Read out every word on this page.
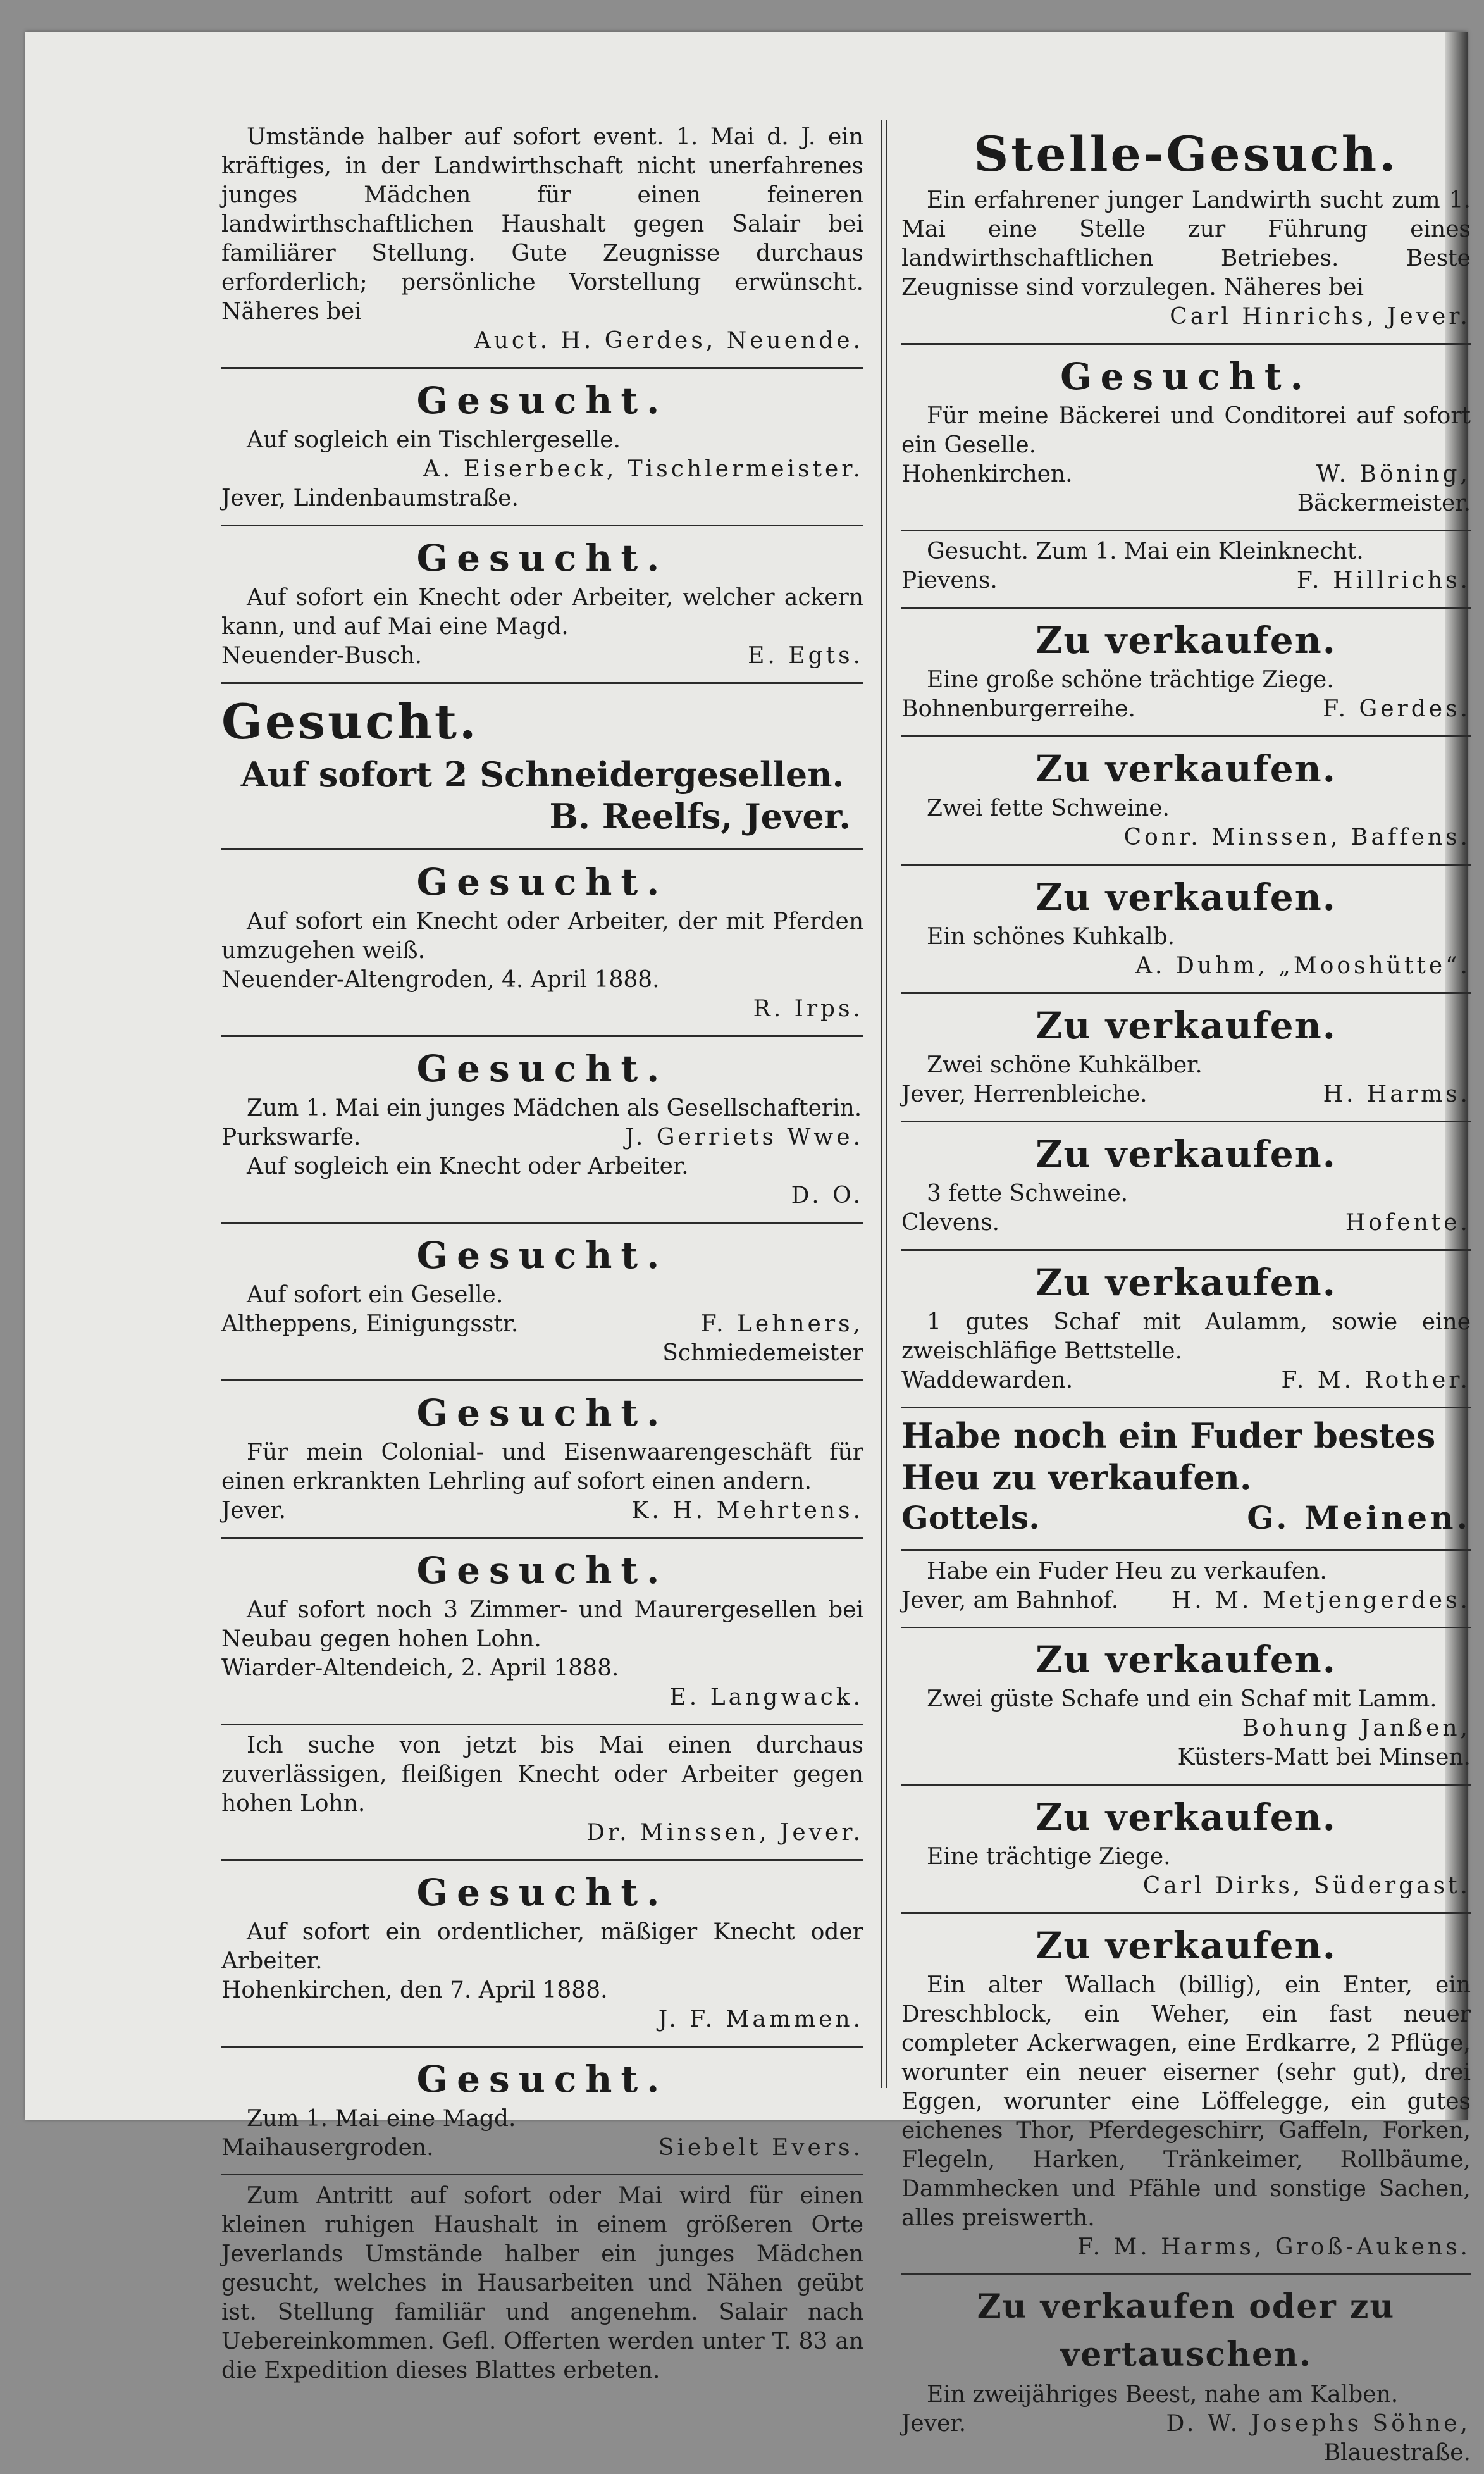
Umstände halber auf sofort event. 1. Mai d. J. ein kräftiges, in der Landwirthschaft nicht unerfahrenes junges Mädchen für einen feineren landwirthschaftlichen Haushalt gegen Salair bei familiärer Stellung. Gute Zeugnisse durchaus erforderlich; persönliche Vorstellung erwünscht. Näheres bei

Auct. H. Gerdes, Neuende.
Gesucht.

Auf sogleich ein Tischlergeselle.

A. Eiserbeck, Tischlermeister.
Jever, Lindenbaumstraße.
Gesucht.

Auf sofort ein Knecht oder Arbeiter, welcher ackern kann, und auf Mai eine Magd.

Neuender-Busch.	E. Egts.
Gesucht.
Auf sofort 2 Schneidergesellen.
B. Reelfs, Jever.
Gesucht.

Auf sofort ein Knecht oder Arbeiter, der mit Pferden umzugehen weiß.

Neuender-Altengroden, 4. April 1888.
R. Irps.
Gesucht.

Zum 1. Mai ein junges Mädchen als Gesellschafterin.

Purkswarfe.	J. Gerriets Wwe.

Auf sogleich ein Knecht oder Arbeiter.

D. O.
Gesucht.

Auf sofort ein Geselle.

Altheppens, Einigungsstr.	F. Lehners,
Schmiedemeister
Gesucht.

Für mein Colonial- und Eisenwaarengeschäft für einen erkrankten Lehrling auf sofort einen andern.

Jever.	K. H. Mehrtens.
Gesucht.

Auf sofort noch 3 Zimmer- und Maurergesellen bei Neubau gegen hohen Lohn.

Wiarder-Altendeich, 2. April 1888.
E. Langwack.

Ich suche von jetzt bis Mai einen durchaus zuverlässigen, fleißigen Knecht oder Arbeiter gegen hohen Lohn.

Dr. Minssen, Jever.
Gesucht.

Auf sofort ein ordentlicher, mäßiger Knecht oder Arbeiter.

Hohenkirchen, den 7. April 1888.
J. F. Mammen.
Gesucht.

Zum 1. Mai eine Magd.

Maihausergroden.	Siebelt Evers.

Zum Antritt auf sofort oder Mai wird für einen kleinen ruhigen Haushalt in einem größeren Orte Jeverlands Umstände halber ein junges Mädchen gesucht, welches in Hausarbeiten und Nähen geübt ist. Stellung familiär und angenehm. Salair nach Uebereinkommen. Gefl. Offerten werden unter T. 83 an die Expedition dieses Blattes erbeten.

Stelle-Gesuch.

Ein erfahrener junger Landwirth sucht zum 1. Mai eine Stelle zur Führung eines landwirthschaftlichen Betriebes. Beste Zeugnisse sind vorzulegen. Näheres bei

Carl Hinrichs, Jever.
Gesucht.

Für meine Bäckerei und Conditorei auf sofort ein Geselle.

Hohenkirchen.	W. Böning,
Bäckermeister.

Gesucht. Zum 1. Mai ein Kleinknecht.

Pievens.	F. Hillrichs.
Zu verkaufen.

Eine große schöne trächtige Ziege.

Bohnenburgerreihe.	F. Gerdes.
Zu verkaufen.

Zwei fette Schweine.

Conr. Minssen, Baffens.
Zu verkaufen.

Ein schönes Kuhkalb.

A. Duhm, „Mooshütte“.
Zu verkaufen.

Zwei schöne Kuhkälber.

Jever, Herrenbleiche.	H. Harms.
Zu verkaufen.

3 fette Schweine.

Clevens.	Hofente.
Zu verkaufen.

1 gutes Schaf mit Aulamm, sowie eine zweischläfige Bettstelle.

Waddewarden.	F. M. Rother.
Habe noch ein Fuder bestes Heu zu verkaufen.
Gottels.	G. Meinen.

Habe ein Fuder Heu zu verkaufen.

Jever, am Bahnhof. H. M. Metjengerdes.
Zu verkaufen.

Zwei güste Schafe und ein Schaf mit Lamm.

Bohung Janßen,
Küsters-Matt bei Minsen.
Zu verkaufen.

Eine trächtige Ziege.

Carl Dirks, Südergast.
Zu verkaufen.

Ein alter Wallach (billig), ein Enter, ein Dreschblock, ein Weher, ein fast neuer completer Ackerwagen, eine Erdkarre, 2 Pflüge, worunter ein neuer eiserner (sehr gut), drei Eggen, worunter eine Löffelegge, ein gutes eichenes Thor, Pferdegeschirr, Gaffeln, Forken, Flegeln, Harken, Tränkeimer, Rollbäume, Dammhecken und Pfähle und sonstige Sachen, alles preiswerth.

F. M. Harms, Groß-Aukens.
Zu verkaufen oder zu vertauschen.

Ein zweijähriges Beest, nahe am Kalben.

Jever.	D. W. Josephs Söhne,
Blauestraße.
